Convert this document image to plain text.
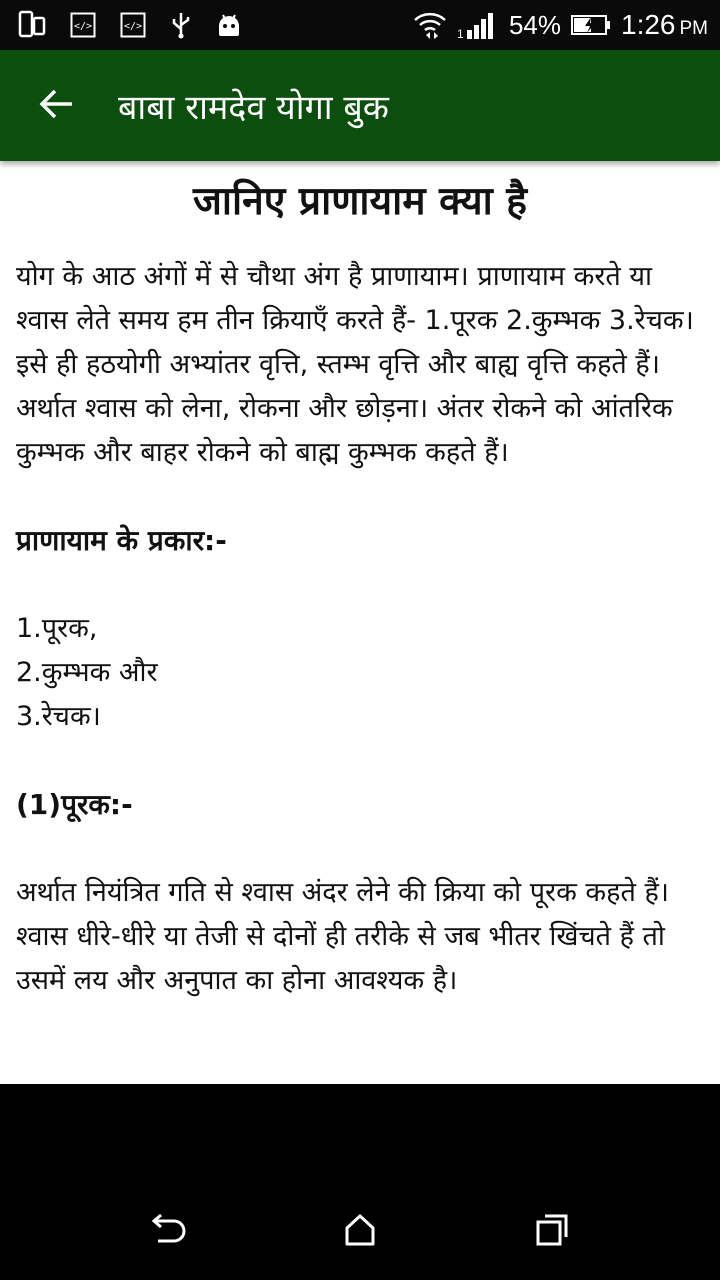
</>	</>
1 54% 1:26 PM
बाबा रामदेव योगा बुक
जानिए प्राणायाम क्या है

योग के आठ अंगों में से चौथा अंग है प्राणायाम। प्राणायाम करते या श्वास लेते समय हम तीन क्रियाएँ करते हैं- 1.पूरक 2.कुम्भक 3.रेचक। इसे ही हठयोगी अभ्यांतर वृत्ति, स्तम्भ वृत्ति और बाह्य वृत्ति कहते हैं। अर्थात श्वास को लेना, रोकना और छोड़ना। अंतर रोकने को आंतरिक कुम्भक और बाहर रोकने को बाह्म कुम्भक कहते हैं।

प्राणायाम के प्रकार:-
1.पूरक,
2.कुम्भक और
3.रेचक।
(1)पूरक:-

अर्थात नियंत्रित गति से श्वास अंदर लेने की क्रिया को पूरक कहते हैं। श्वास धीरे-धीरे या तेजी से दोनों ही तरीके से जब भीतर खिंचते हैं तो उसमें लय और अनुपात का होना आवश्यक है।
